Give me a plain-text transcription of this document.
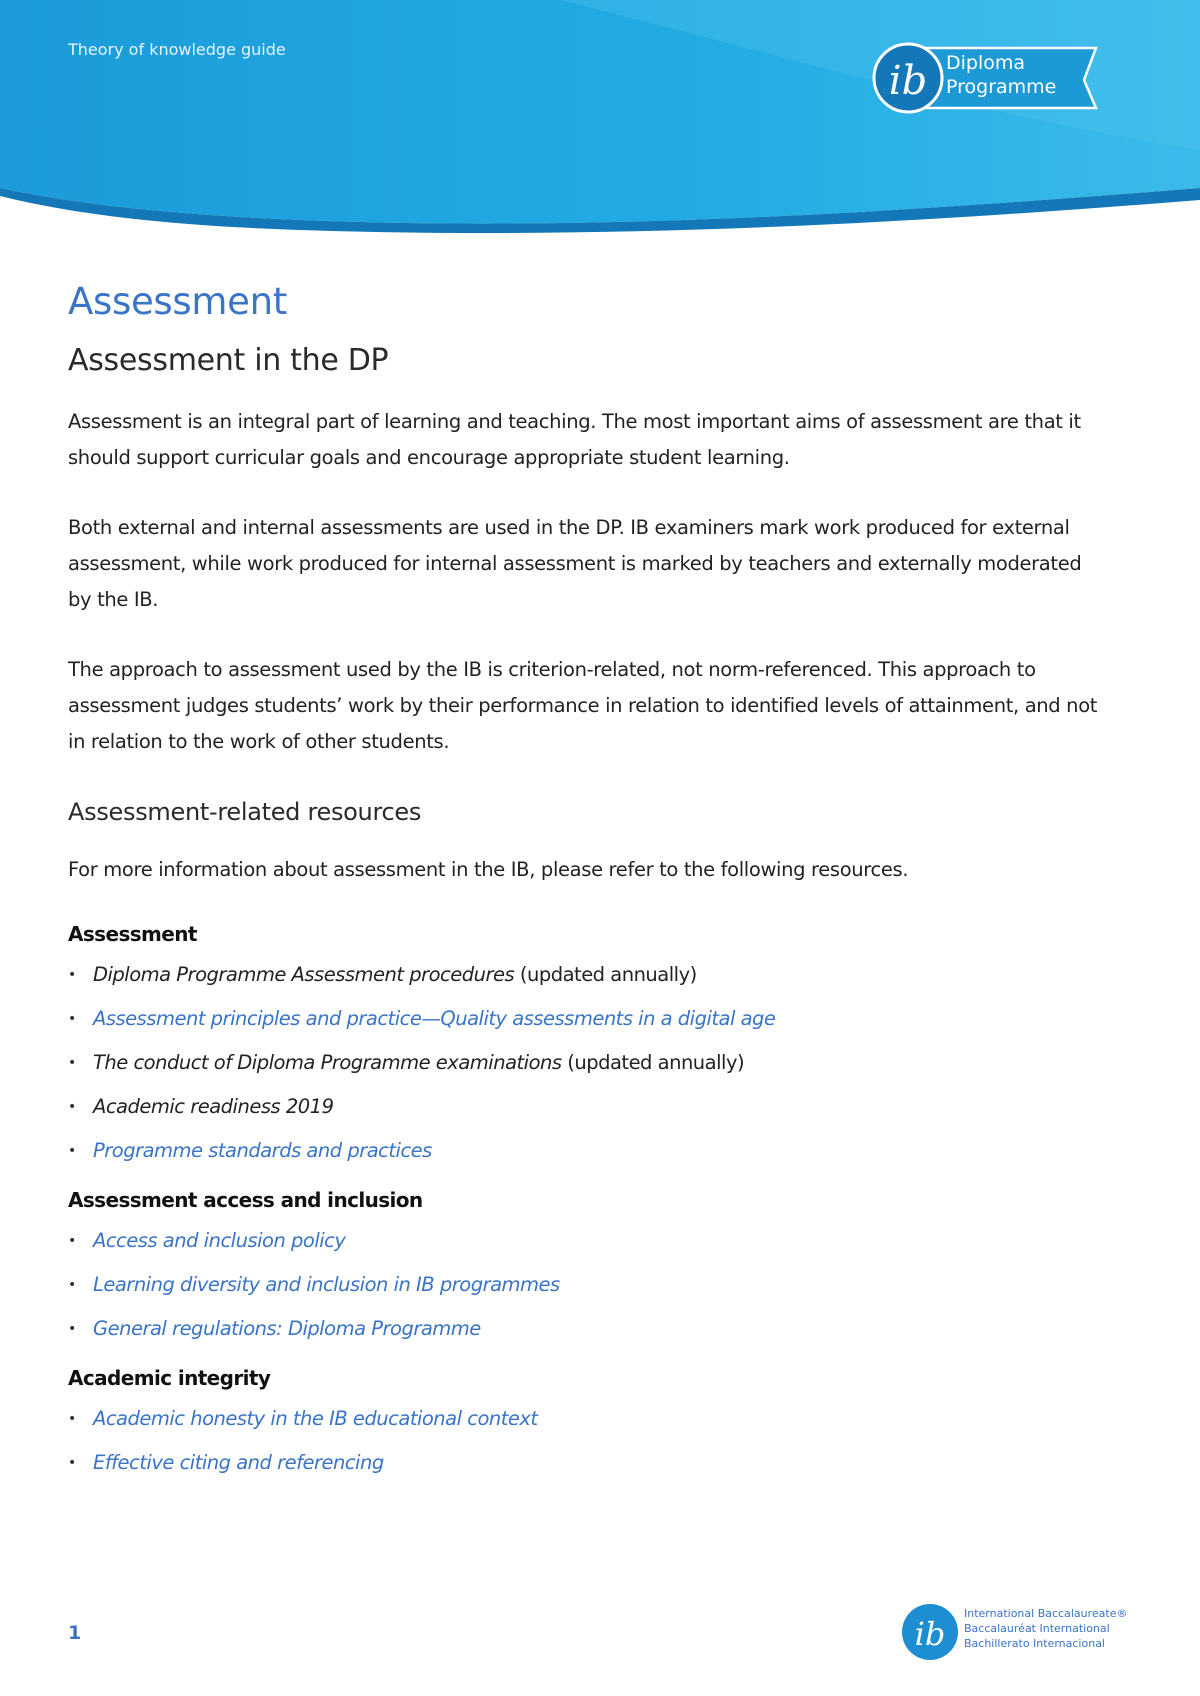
Theory of knowledge guide
ib Diploma
Programme
Assessment
Assessment in the DP

Assessment is an integral part of learning and teaching. The most important aims of assessment are that it should support curricular goals and encourage appropriate student learning.

Both external and internal assessments are used in the DP. IB examiners mark work produced for external assessment, while work produced for internal assessment is marked by teachers and externally moderated by the IB.

The approach to assessment used by the IB is criterion-related, not norm-referenced. This approach to assessment judges students’ work by their performance in relation to identified levels of attainment, and not in relation to the work of other students.

Assessment-related resources

For more information about assessment in the IB, please refer to the following resources.

Assessment
• Diploma Programme Assessment procedures (updated annually)
• Assessment principles and practice—Quality assessments in a digital age
• The conduct of Diploma Programme examinations (updated annually)
• Academic readiness 2019
• Programme standards and practices
Assessment access and inclusion
• Access and inclusion policy
• Learning diversity and inclusion in IB programmes
• General regulations: Diploma Programme
Academic integrity
• Academic honesty in the IB educational context
• Effective citing and referencing
1	ib
International Baccalaureate®
Baccalauréat International
Bachillerato Internacional
